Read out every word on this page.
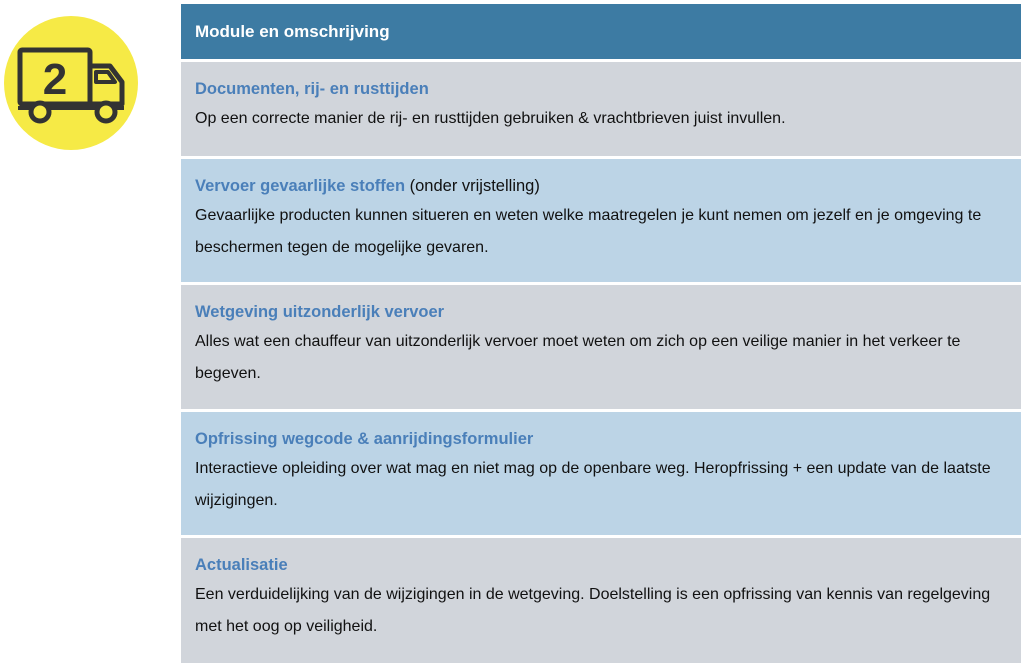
2
Module en omschrijving
Documenten, rij- en rusttijden
Op een correcte manier de rij- en rusttijden gebruiken & vrachtbrieven juist invullen.
Vervoer gevaarlijke stoffen (onder vrijstelling)
Gevaarlijke producten kunnen situeren en weten welke maatregelen je kunt nemen om jezelf en je omgeving te beschermen tegen de mogelijke gevaren.
Wetgeving uitzonderlijk vervoer
Alles wat een chauffeur van uitzonderlijk vervoer moet weten om zich op een veilige manier in het verkeer te begeven.
Opfrissing wegcode & aanrijdingsformulier
Interactieve opleiding over wat mag en niet mag op de openbare weg. Heropfrissing + een update van de laatste wijzigingen.
Actualisatie
Een verduidelijking van de wijzigingen in de wetgeving. Doelstelling is een opfrissing van kennis van regelgeving met het oog op veiligheid.
